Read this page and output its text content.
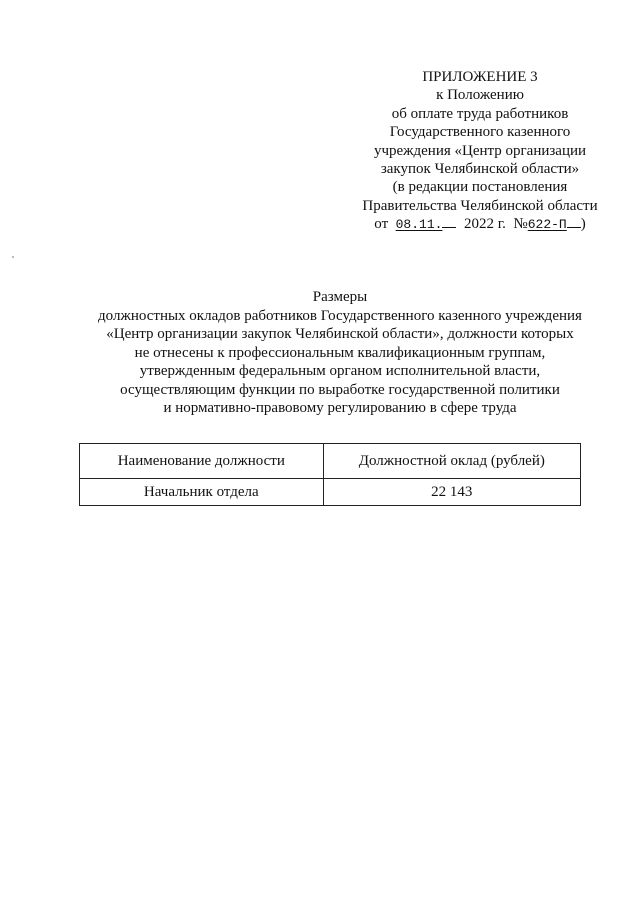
ПРИЛОЖЕНИЕ 3
к Положению
об оплате труда работников
Государственного казенного
учреждения «Центр организации
закупок Челябинской области»
(в редакции постановления
Правительства Челябинской области
от 08.11. 2022 г. №622-П )
Размеры
должностных окладов работников Государственного казенного учреждения
«Центр организации закупок Челябинской области», должности которых
не отнесены к профессиональным квалификационным группам,
утвержденным федеральным органом исполнительной власти,
осуществляющим функции по выработке государственной политики
и нормативно-правовому регулированию в сфере труда
Наименование должности	Должностной оклад (рублей)
Начальник отдела	22 143
